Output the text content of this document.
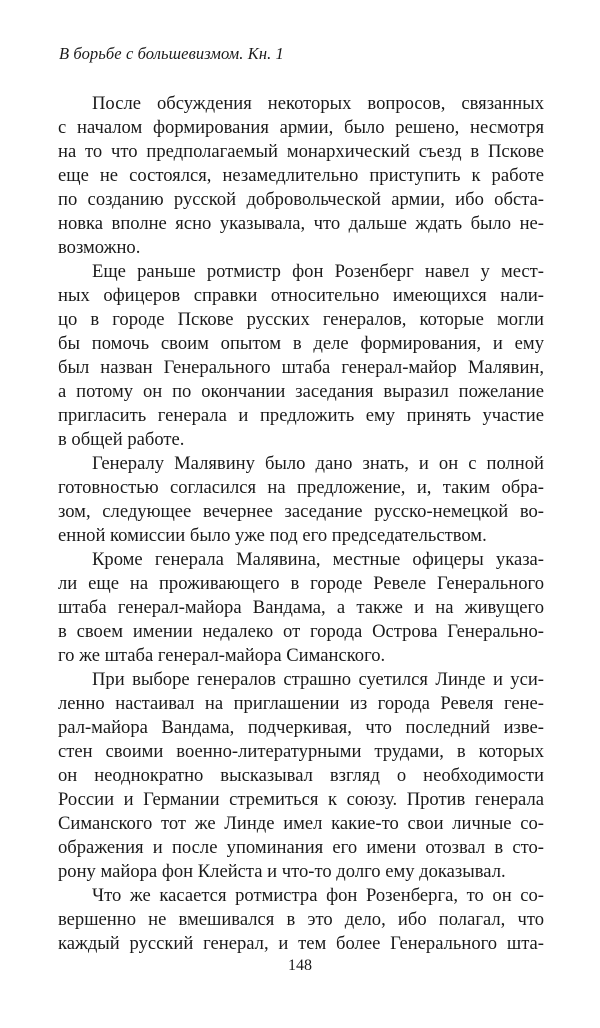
В борьбе с большевизмом. Кн. 1

После обсуждения некоторых вопросов, связанных
с началом формирования армии, было решено, несмотря
на то что предполагаемый монархический съезд в Пскове
еще не состоялся, незамедлительно приступить к работе
по созданию русской добровольческой армии, ибо обста-
новка вполне ясно указывала, что дальше ждать было не-
возможно.

Еще раньше ротмистр фон Розенберг навел у мест-
ных офицеров справки относительно имеющихся нали-
цо в городе Пскове русских генералов, которые могли
бы помочь своим опытом в деле формирования, и ему
был назван Генерального штаба генерал-майор Малявин,
а потому он по окончании заседания выразил пожелание
пригласить генерала и предложить ему принять участие
в общей работе.

Генералу Малявину было дано знать, и он с полной
готовностью согласился на предложение, и, таким обра-
зом, следующее вечернее заседание русско-немецкой во-
енной комиссии было уже под его председательством.

Кроме генерала Малявина, местные офицеры указа-
ли еще на проживающего в городе Ревеле Генерального
штаба генерал-майора Вандама, а также и на живущего
в своем имении недалеко от города Острова Генерально-
го же штаба генерал-майора Симанского.

При выборе генералов страшно суетился Линде и уси-
ленно настаивал на приглашении из города Ревеля гене-
рал-майора Вандама, подчеркивая, что последний изве-
стен своими военно-литературными трудами, в которых
он неоднократно высказывал взгляд о необходимости
России и Германии стремиться к союзу. Против генерала
Симанского тот же Линде имел какие-то свои личные со-
ображения и после упоминания его имени отозвал в сто-
рону майора фон Клейста и что-то долго ему доказывал.

Что же касается ротмистра фон Розенберга, то он со-
вершенно не вмешивался в это дело, ибо полагал, что
каждый русский генерал, и тем более Генерального шта-

148
